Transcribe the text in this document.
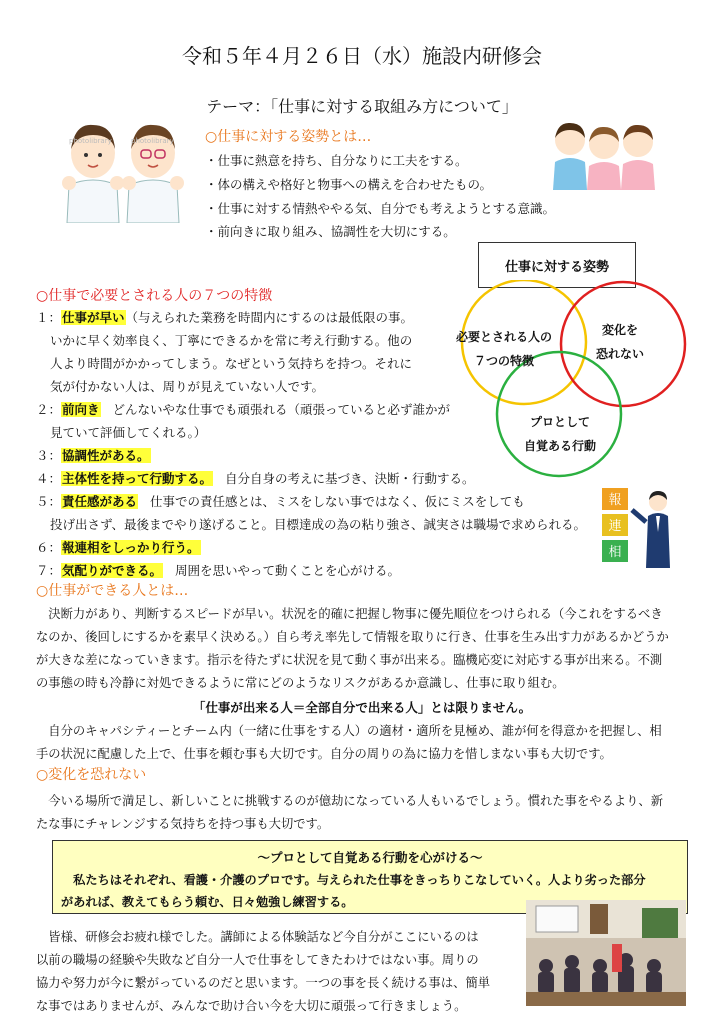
令和５年４月２６日（水）施設内研修会
テーマ：「仕事に対する取組み方について」
photolibrary	photolibrary ○仕事に対する姿勢とは…
・仕事に熱意を持ち、自分なりに工夫をする。
・体の構えや格好と物事への構えを合わせたもの。
・仕事に対する情熱ややる気、自分でも考えようとする意識。
・前向きに取り組み、協調性を大切にする。
仕事に対する姿勢
必要とされる人の
７つの特徴
変化を
恐れない
プロとして
自覚ある行動
○仕事で必要とされる人の７つの特徴
１：仕事が早い（与えられた業務を時間内にするのは最低限の事。
いかに早く効率良く、丁寧にできるかを常に考え行動する。他の
人より時間がかかってしまう。なぜという気持ちを持つ。それに
気が付かない人は、周りが見えていない人です。
２：前向き どんないやな仕事でも頑張れる（頑張っていると必ず誰かが
見ていて評価してくれる。）
３：協調性がある。
４：主体性を持って行動する。 自分自身の考えに基づき、決断・行動する。
５：責任感がある 仕事での責任感とは、ミスをしない事ではなく、仮にミスをしても
投げ出さず、最後までやり遂げること。目標達成の為の粘り強さ、誠実さは職場で求められる。
６：報連相をしっかり行う。
７：気配りができる。 周囲を思いやって動くことを心がける。
報
連
相
○仕事ができる人とは…
　決断力があり、判断するスピードが早い。状況を的確に把握し物事に優先順位をつけられる（今これをするべき
なのか、後回しにするかを素早く決める。）自ら考え率先して情報を取りに行き、仕事を生み出す力があるかどうか
が大きな差になっていきます。指示を待たずに状況を見て動く事が出来る。臨機応変に対応する事が出来る。不測
の事態の時も冷静に対処できるように常にどのようなリスクがあるか意識し、仕事に取り組む。
「仕事が出来る人＝全部自分で出来る人」とは限りません。
　自分のキャパシティーとチーム内（一緒に仕事をする人）の適材・適所を見極め、誰が何を得意かを把握し、相
手の状況に配慮した上で、仕事を頼む事も大切です。自分の周りの為に協力を惜しまない事も大切です。
○変化を恐れない
　今いる場所で満足し、新しいことに挑戦するのが億劫になっている人もいるでしょう。慣れた事をやるより、新
たな事にチャレンジする気持ちを持つ事も大切です。
～プロとして自覚ある行動を心がける～
　私たちはそれぞれ、看護・介護のプロです。与えられた仕事をきっちりこなしていく。人より劣った部分
があれば、教えてもらう頼む、日々勉強し練習する。
　皆様、研修会お疲れ様でした。講師による体験話など今自分がここにいるのは
以前の職場の経験や失敗など自分一人で仕事をしてきたわけではない事。周りの
協力や努力が今に繋がっているのだと思います。一つの事を長く続ける事は、簡単
な事ではありませんが、みんなで助け合い今を大切に頑張って行きましょう。
